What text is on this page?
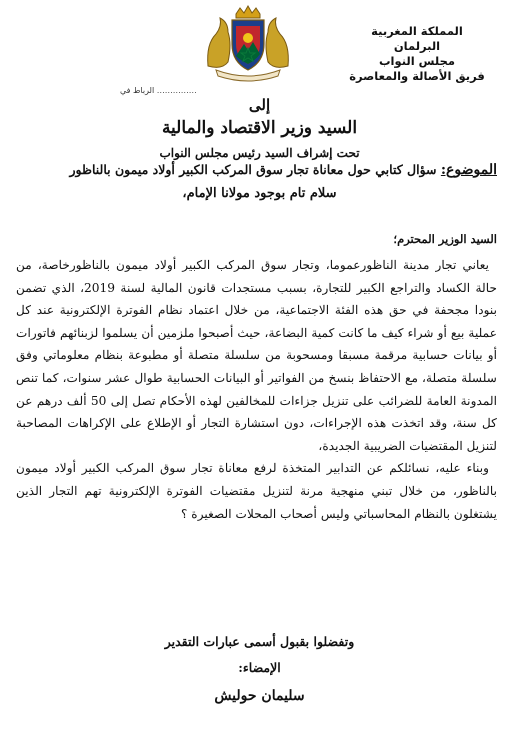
المملكة المغربية
البرلمان
مجلس النواب
فريق الأصالة والمعاصرة
…………… الرباط في
إلى
السيد وزير الاقتصاد والمالية
تحت إشراف السيد رئيس مجلس النواب
الموضوع: سؤال كتابي حول معاناة تجار سوق المركب الكبير أولاد ميمون بالناظور
سلام تام بوجود مولانا الإمام،
السيد الوزير المحترم؛

يعاني تجار مدينة الناظورعموما، وتجار سوق المركب الكبير أولاد ميمون بالناظورخاصة، من حالة الكساد والتراجع الكبير للتجارة، بسبب مستجدات قانون المالية لسنة 2019، الذي تضمن بنودا مجحفة في حق هذه الفئة الاجتماعية، من خلال اعتماد نظام الفوترة الإلكترونية عند كل عملية بيع أو شراء كيف ما كانت كمية البضاعة، حيث أصبحوا ملزمين أن يسلموا لزبنائهم فاتورات أو بيانات حسابية مرقمة مسبقا ومسحوبة من سلسلة متصلة أو مطبوعة بنظام معلوماتي وفق سلسلة متصلة، مع الاحتفاظ بنسخ من الفواتير أو البيانات الحسابية طوال عشر سنوات، كما تنص المدونة العامة للضرائب على تنزيل جزاءات للمخالفين لهذه الأحكام تصل إلى 50 ألف درهم عن كل سنة، وقد اتخذت هذه الإجراءات، دون استشارة التجار أو الإطلاع على الإكراهات المصاحبة لتنزيل المقتضيات الضريبية الجديدة،

وبناء عليه، نسائلكم عن التدابير المتخذة لرفع معاناة تجار سوق المركب الكبير أولاد ميمون بالناظور، من خلال تبني منهجية مرنة لتنزيل مقتضيات الفوترة الإلكترونية تهم التجار الذين يشتغلون بالنظام المحاسباتي وليس أصحاب المحلات الصغيرة ؟

وتفضلوا بقبول أسمى عبارات التقدير
الإمضاء:
سليمان حوليش
